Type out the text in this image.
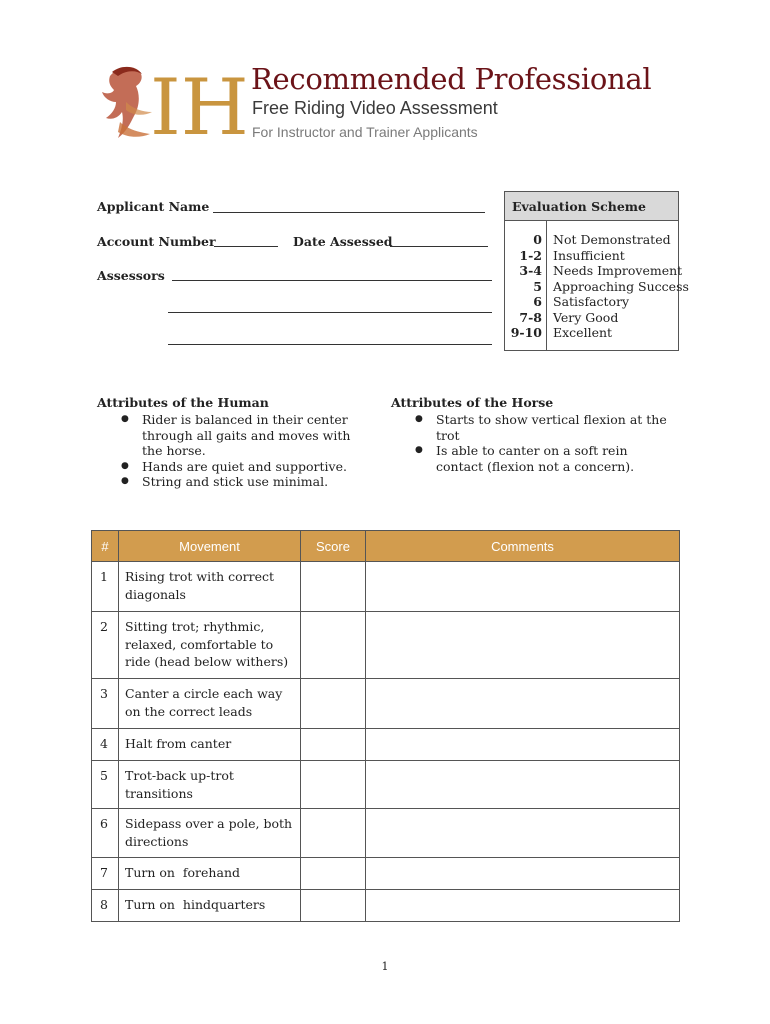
IH Recommended Professional
Free Riding Video Assessment
For Instructor and Trainer Applicants
Applicant Name
Account Number	Date Assessed
Assessors
Evaluation Scheme
0 Not Demonstrated
1-2 Insufficient
3-4 Needs Improvement
5 Approaching Success
6 Satisfactory
7-8 Very Good
9-10 Excellent
Attributes of the Human
● Rider is balanced in their center through all gaits and moves with the horse.
● Hands are quiet and supportive.
● String and stick use minimal.
Attributes of the Horse
● Starts to show vertical flexion at the trot
● Is able to canter on a soft rein contact (flexion not a concern).
#	Movement	Score	Comments
1	Rising trot with correct diagonals		
2	Sitting trot; rhythmic, relaxed, comfortable to ride (head below withers)		
3	Canter a circle each way on the correct leads		
4	Halt from canter		
5	Trot-back up-trot transitions		
6	Sidepass over a pole, both directions		
7	Turn on  forehand		
8	Turn on  hindquarters		
1
